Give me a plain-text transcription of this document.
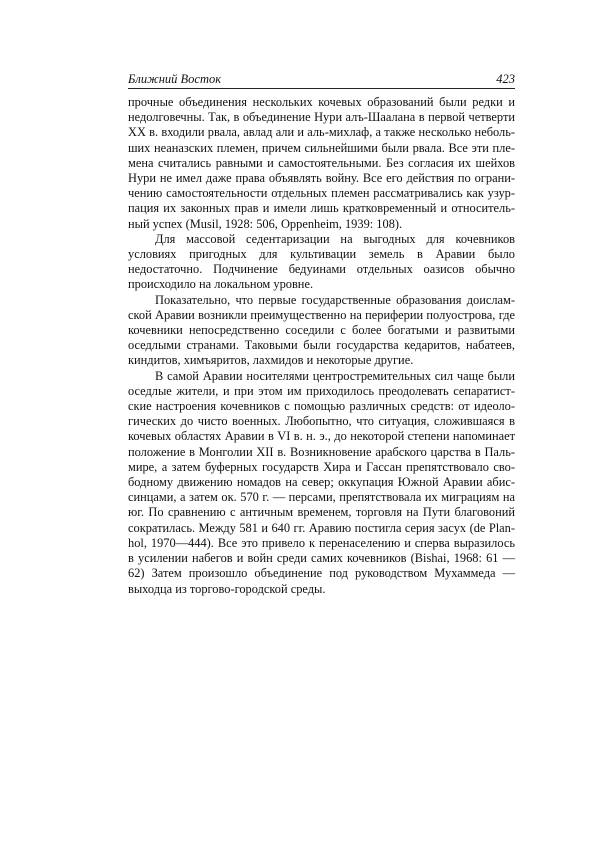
Ближний Восток	423

прочные объединения нескольких кочевых образований были редки и недолговечны. Так, в объединение Нури алъ-Шаалана в первой четверти XX в. входили рвала, авлад али и аль-михлаф, а также несколько небольших неаназских племен, причем сильнейшими были рвала. Все эти племена считались равными и самостоятельными. Без согласия их шейхов Нури не имел даже права объявлять войну. Все его действия по ограничению самостоятельности отдельных племен рассматривались как узурпация их законных прав и имели лишь кратковременный и относительный успех (Musil, 1928: 506, Oppenheim, 1939: 108).

Для массовой седентаризации на выгодных для кочевников условиях пригодных для культивации земель в Аравии было недостаточно. Подчинение бедуинами отдельных оазисов обычно происходило на локальном уровне.

Показательно, что первые государственные образования доисламской Аравии возникли преимущественно на периферии полуострова, где кочевники непосредственно соседили с более богатыми и развитыми оседлыми странами. Таковыми были государства кедаритов, набатеев, киндитов, химъяритов, лахмидов и некоторые другие.

В самой Аравии носителями центростремительных сил чаще были оседлые жители, и при этом им приходилось преодолевать сепаратистские настроения кочевников с помощью различных средств: от идеологических до чисто военных. Любопытно, что ситуация, сложившаяся в кочевых областях Аравии в VI в. н. э., до некоторой степени напоминает положение в Монголии XII в. Возникновение арабского царства в Пальмире, а затем буферных государств Хира и Гассан препятствовало свободному движению номадов на север; оккупация Южной Аравии абиссинцами, а затем ок. 570 г. — персами, препятствовала их миграциям на юг. По сравнению с античным временем, торговля на Пути благовоний сократилась. Между 581 и 640 гг. Аравию постигла серия засух (de Planhol, 1970—444). Все это привело к перенаселению и сперва выразилось в усилении набегов и войн среди самих кочевников (Bishai, 1968: 61 — 62) Затем произошло объединение под руководством Мухаммеда — выходца из торгово-городской среды.
